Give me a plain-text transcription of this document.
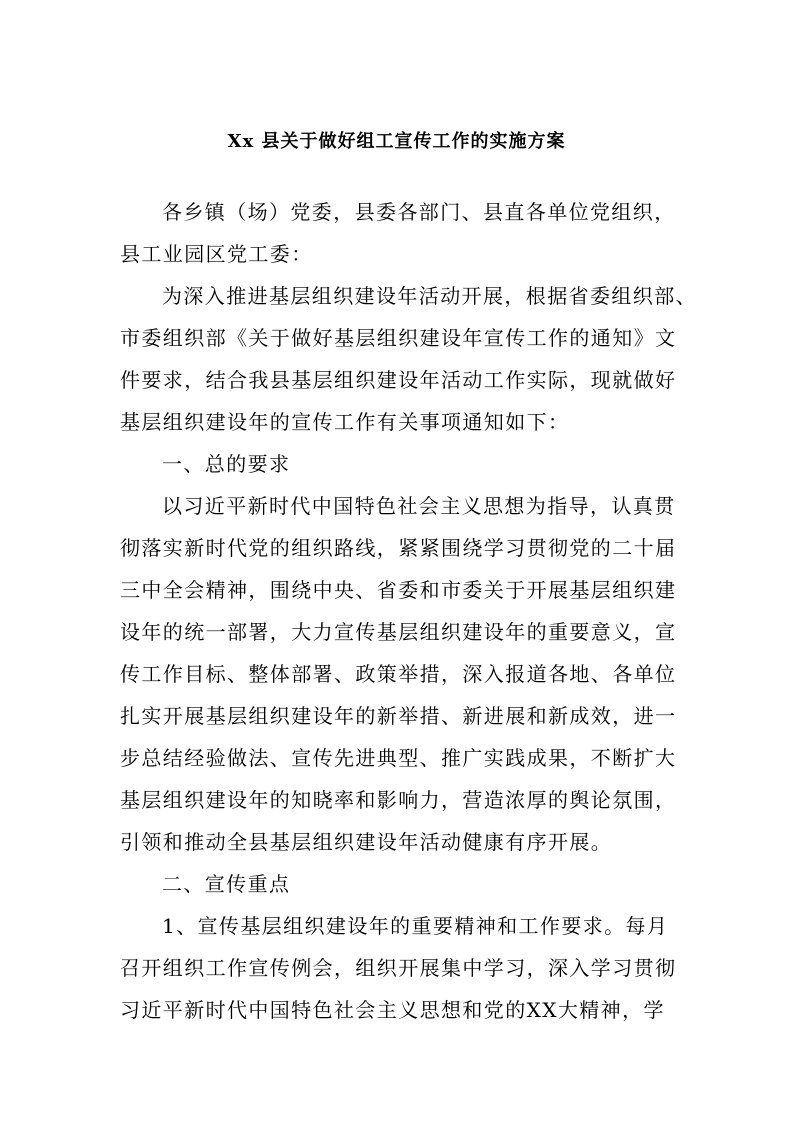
Xx 县关于做好组工宣传工作的实施方案
各乡镇（场）党委，县委各部门、县直各单位党组织，
县工业园区党工委：
为深入推进基层组织建设年活动开展，根据省委组织部、
市委组织部《关于做好基层组织建设年宣传工作的通知》文
件要求，结合我县基层组织建设年活动工作实际，现就做好
基层组织建设年的宣传工作有关事项通知如下：
一、总的要求
以习近平新时代中国特色社会主义思想为指导，认真贯
彻落实新时代党的组织路线，紧紧围绕学习贯彻党的二十届
三中全会精神，围绕中央、省委和市委关于开展基层组织建
设年的统一部署，大力宣传基层组织建设年的重要意义，宣
传工作目标、整体部署、政策举措，深入报道各地、各单位
扎实开展基层组织建设年的新举措、新进展和新成效，进一
步总结经验做法、宣传先进典型、推广实践成果，不断扩大
基层组织建设年的知晓率和影响力，营造浓厚的舆论氛围，
引领和推动全县基层组织建设年活动健康有序开展。
二、宣传重点
1、宣传基层组织建设年的重要精神和工作要求。每月
召开组织工作宣传例会，组织开展集中学习，深入学习贯彻
习近平新时代中国特色社会主义思想和党的XX大精神，学
